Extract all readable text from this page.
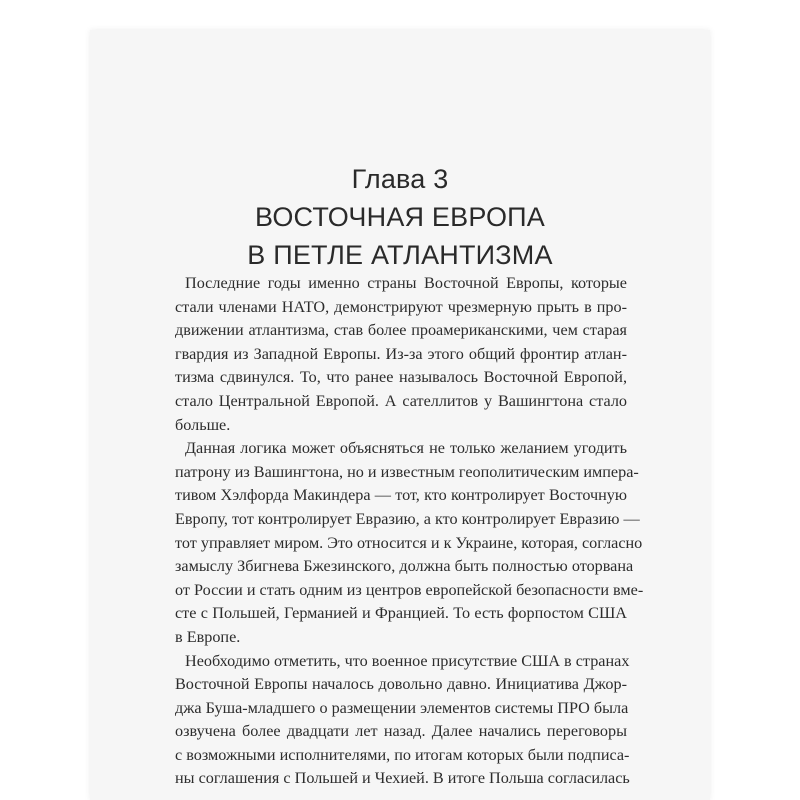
Глава 3
ВОСТОЧНАЯ ЕВРОПА
В ПЕТЛЕ АТЛАНТИЗМА
Последние годы именно страны Восточной Европы, которые
стали членами НАТО, демонстрируют чрезмерную прыть в про-
движении атлантизма, став более проамериканскими, чем старая
гвардия из Западной Европы. Из-за этого общий фронтир атлан-
тизма сдвинулся. То, что ранее называлось Восточной Европой,
стало Центральной Европой. А сателлитов у Вашингтона стало
больше.
Данная логика может объясняться не только желанием угодить
патрону из Вашингтона, но и известным геополитическим импера-
тивом Хэлфорда Макиндера — тот, кто контролирует Восточную
Европу, тот контролирует Евразию, а кто контролирует Евразию —
тот управляет миром. Это относится и к Украине, которая, согласно
замыслу Збигнева Бжезинского, должна быть полностью оторвана
от России и стать одним из центров европейской безопасности вме-
сте с Польшей, Германией и Францией. То есть форпостом США
в Европе.
Необходимо отметить, что военное присутствие США в странах
Восточной Европы началось довольно давно. Инициатива Джор-
джа Буша-младшего о размещении элементов системы ПРО была
озвучена более двадцати лет назад. Далее начались переговоры
с возможными исполнителями, по итогам которых были подписа-
ны соглашения с Польшей и Чехией. В итоге Польша согласилась
